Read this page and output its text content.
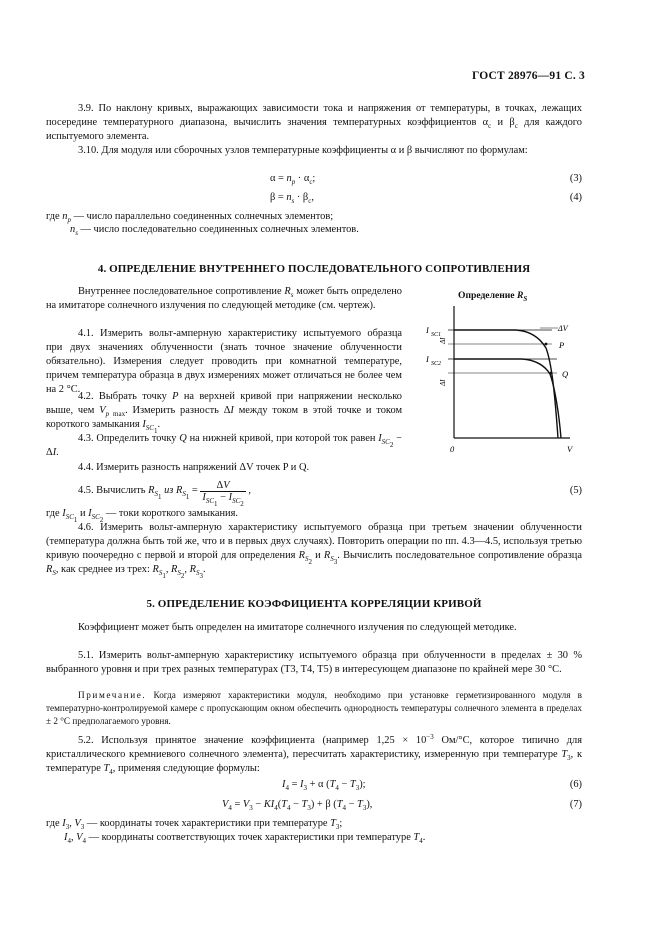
ГОСТ 28976—91 С. 3
3.9. По наклону кривых, выражающих зависимости тока и напряжения от температуры, в точках, лежащих посередине температурного диапазона, вычислить значения температурных коэффициентов $\alpha_c$ и $\beta_c$ для каждого испытуемого элемента.
3.10. Для модуля или сборочных узлов температурные коэффициенты α и β вычисляют по формулам:
$\alpha = n_p \cdot \alpha_c$;	(3)
$\beta = n_s \cdot \beta_c$,	(4)
где $n_p$ — число параллельно соединенных солнечных элементов;
$n_s$ — число последовательно соединенных солнечных элементов.
4. ОПРЕДЕЛЕНИЕ ВНУТРЕННЕГО ПОСЛЕДОВАТЕЛЬНОГО СОПРОТИВЛЕНИЯ
Внутреннее последовательное сопротивление $R_s$ может быть определено на имитаторе солнечного излучения по следующей методике (см. чертеж).
4.1. Измерить вольт-амперную характеристику испытуемого образца при двух значениях облученности (знать точное значение облученности обязательно). Измерения следует проводить при комнатной температуре, причем температура образца в двух измерениях может отличаться не более чем на 2 °С.
4.2. Выбрать точку P на верхней кривой при напряжении несколько выше, чем $V_{p max}$. Измерить разность ΔI между током в этой точке и током короткого замыкания $I_{SC_1}$.
4.3. Определить точку Q на нижней кривой, при которой ток равен $I_{SC_2} - \Delta I$.
4.4. Измерить разность напряжений ΔV точек P и Q.
4.5. Вычислить $R_{S_1}$ из $R_{S_1} = \frac{\Delta V}{I_{SC_1} - I_{SC_2}}$ ,	(5)
где $I_{SC_1}$ и $I_{SC_2}$ — токи короткого замыкания.
4.6. Измерить вольт-амперную характеристику испытуемого образца при третьем значении облученности (температура должна быть той же, что и в первых двух случаях). Повторить операции по пп. 4.3—4.5, используя третью кривую поочередно с первой и второй для определения $R_{S_2}$ и $R_{S_3}$. Вычислить последовательное сопротивление образца $R_S$, как среднее из трех: $R_{S_1}$, $R_{S_2}$, $R_{S_3}$.
Определение $R_S$
ΔV
P
Q
I SC1
I SC2
ΔI
ΔI
0	V
5. ОПРЕДЕЛЕНИЕ КОЭФФИЦИЕНТА КОРРЕЛЯЦИИ КРИВОЙ
Коэффициент может быть определен на имитаторе солнечного излучения по следующей методике.
5.1. Измерить вольт-амперную характеристику испытуемого образца при облученности в пределах ± 30 % выбранного уровня и при трех разных температурах (T3, T4, T5) в интересующем диапазоне по крайней мере 30 °С.
Примечание. Когда измеряют характеристики модуля, необходимо при установке герметизированного модуля в температурно-контролируемой камере с пропускающим окном обеспечить однородность температуры солнечного элемента в пределах ± 2 °С предполагаемого уровня.
5.2. Используя принятое значение коэффициента (например $1,25 \times 10^{-3}$ Ом/°С, которое типично для кристаллического кремниевого солнечного элемента), пересчитать характеристику, измеренную при температуре $T_3$, к температуре $T_4$, применяя следующие формулы:
$I_4 = I_3 + \alpha$ $(T_4 - T_3)$;	(6)
$V_4 = V_3 - KI_4(T_4 - T_3) + \beta$ $(T_4 - T_3)$,	(7)
где $I_3$, $V_3$ — координаты точек характеристики при температуре $T_3$;
$I_4$, $V_4$ — координаты соответствующих точек характеристики при температуре $T_4$.
